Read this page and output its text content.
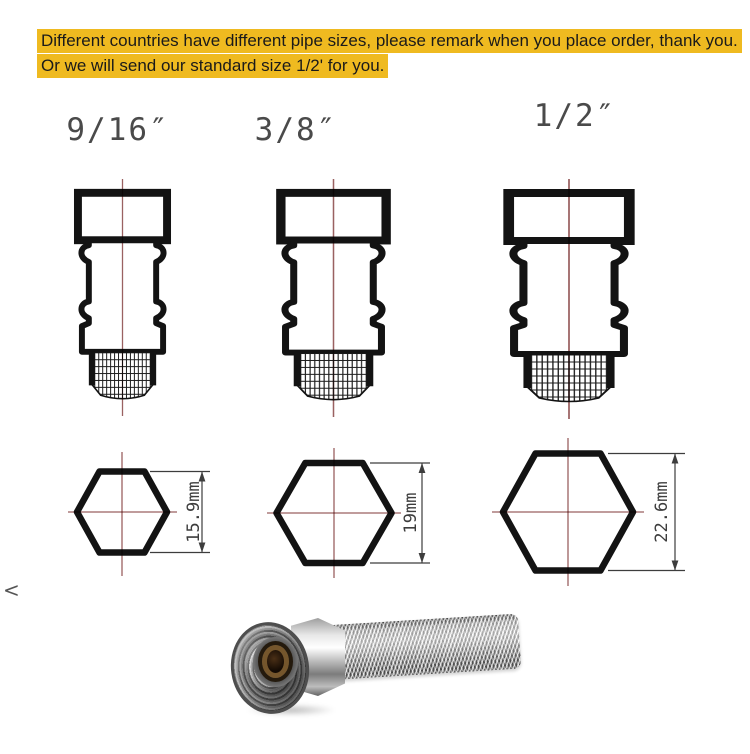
Different countries have different pipe sizes, please remark when you place order, thank you.
Or we will send our standard size 1/2' for you.
<
9/16″	3/8″	1/2″
15.9mm	19mm	22.6mm
